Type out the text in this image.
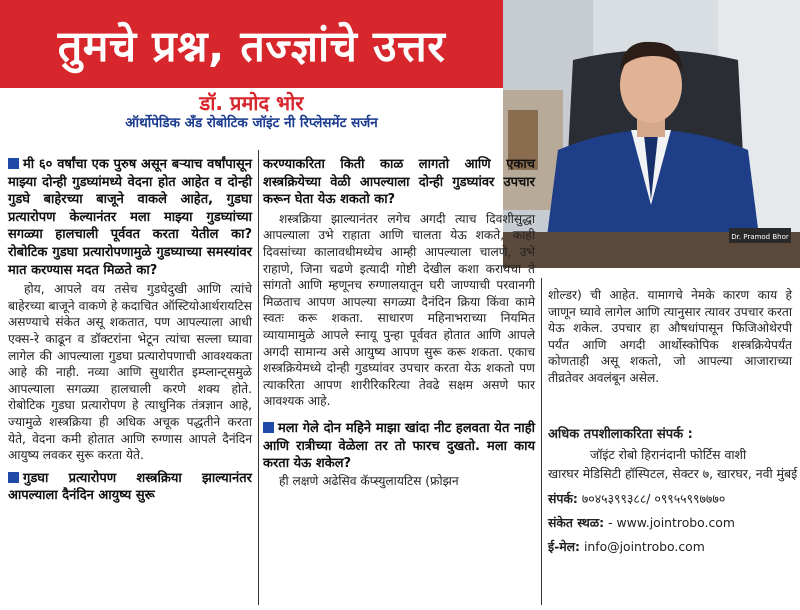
तुमचे प्रश्न, तज्ज्ञांचे उत्तर
डॉ. प्रमोद भोर
ऑर्थोपेडिक अँड रोबोटिक जॉइंट नी रिप्लेसमेंट सर्जन
Dr. Pramod Bhor

मी ६० वर्षांचा एक पुरुष असून बऱ्याच वर्षांपासून माझ्या दोन्ही गुडघ्यांमध्ये वेदना होत आहेत व दोन्ही गुडघे बाहेरच्या बाजूने वाकले आहेत, गुडघा प्रत्यारोपण केल्यानंतर मला माझ्या गुडघ्यांच्या सगळ्या हालचाली पूर्ववत करता येतील का? रोबोटिक गुडघा प्रत्यारोपणामुळे गुडघ्याच्या समस्यांवर मात करण्यास मदत मिळते का?

होय, आपले वय तसेच गुडघेदुखी आणि त्यांचे बाहेरच्या बाजूने वाकणे हे कदाचित ऑस्टियोआर्थरायटिस असण्याचे संकेत असू शकतात, पण आपल्याला आधी एक्स-रे काढून व डॉक्टरांना भेटून त्यांचा सल्ला घ्यावा लागेल की आपल्याला गुडघा प्रत्यारोपणाची आवश्यकता आहे की नाही. नव्या आणि सुधारीत इम्प्लान्ट्समुळे आपल्याला सगळ्या हालचाली करणे शक्य होते. रोबोटिक गुडघा प्रत्यारोपण हे त्याधुनिक तंत्रज्ञान आहे, ज्यामुळे शस्त्रक्रिया ही अधिक अचूक पद्धतीने करता येते, वेदना कमी होतात आणि रुग्णास आपले दैनंदिन आयुष्य लवकर सुरू करता येते.

गुडघा प्रत्यारोपण शस्त्रक्रिया झाल्यानंतर आपल्याला दैनंदिन आयुष्य सुरू

करण्याकरिता किती काळ लागतो आणि एकाच शस्त्रक्रियेच्या वेळी आपल्याला दोन्ही गुडघ्यांवर उपचार करून घेता येऊ शकतो का?

शस्त्रक्रिया झाल्यानंतर लगेच अगदी त्याच दिवशीसुद्धा आपल्याला उभे राहाता आणि चालता येऊ शकते, काही दिवसांच्या कालावधीमध्येच आम्ही आपल्याला चालणे, उभे राहाणे, जिना चढणे इत्यादी गोष्टी देखील कशा करायचा ते सांगतो आणि म्हणूनच रुग्णालयातून घरी जाण्याची परवानगी मिळताच आपण आपल्या सगळ्या दैनंदिन क्रिया किंवा कामे स्वतः करू शकता. साधारण महिनाभराच्या नियमित व्यायामामुळे आपले स्नायू पुन्हा पूर्ववत होतात आणि आपले अगदी सामान्य असे आयुष्य आपण सुरू करू शकता. एकाच शस्त्रक्रियेमध्ये दोन्ही गुडघ्यांवर उपचार करता येऊ शकतो पण त्याकरिता आपण शारीरिकरित्या तेवढे सक्षम असणे फार आवश्यक आहे.

मला गेले दोन महिने माझा खांदा नीट हलवता येत नाही आणि रात्रीच्या वेळेला तर तो फारच दुखतो. मला काय करता येऊ शकेल?

ही लक्षणे अढेसिव कॅप्स्युलायटिस (फ्रोझन

शोल्डर) ची आहेत. यामागचे नेमके कारण काय हे जाणून घ्यावे लागेल आणि त्यानुसार त्यावर उपचार करता येऊ शकेल. उपचार हा औषधांपासून फिजिओथेरपी पर्यंत आणि अगदी आर्थोस्कोपिक शस्त्रक्रियेपर्यंत कोणताही असू शकतो, जो आपल्या आजाराच्या तीव्रतेवर अवलंबून असेल.

अधिक तपशीलाकरिता संपर्क :

जॉइंट रोबो हिरानंदानी फोर्टिस वाशी

खारघर मेडिसिटी हॉस्पिटल, सेक्टर ७, खारघर, नवी मुंबई

संपर्क: ७०४५३९९३८८/ ०९९५५९९७७७०

संकेत स्थळ: - www.jointrobo.com

ई-मेल: info@jointrobo.com
